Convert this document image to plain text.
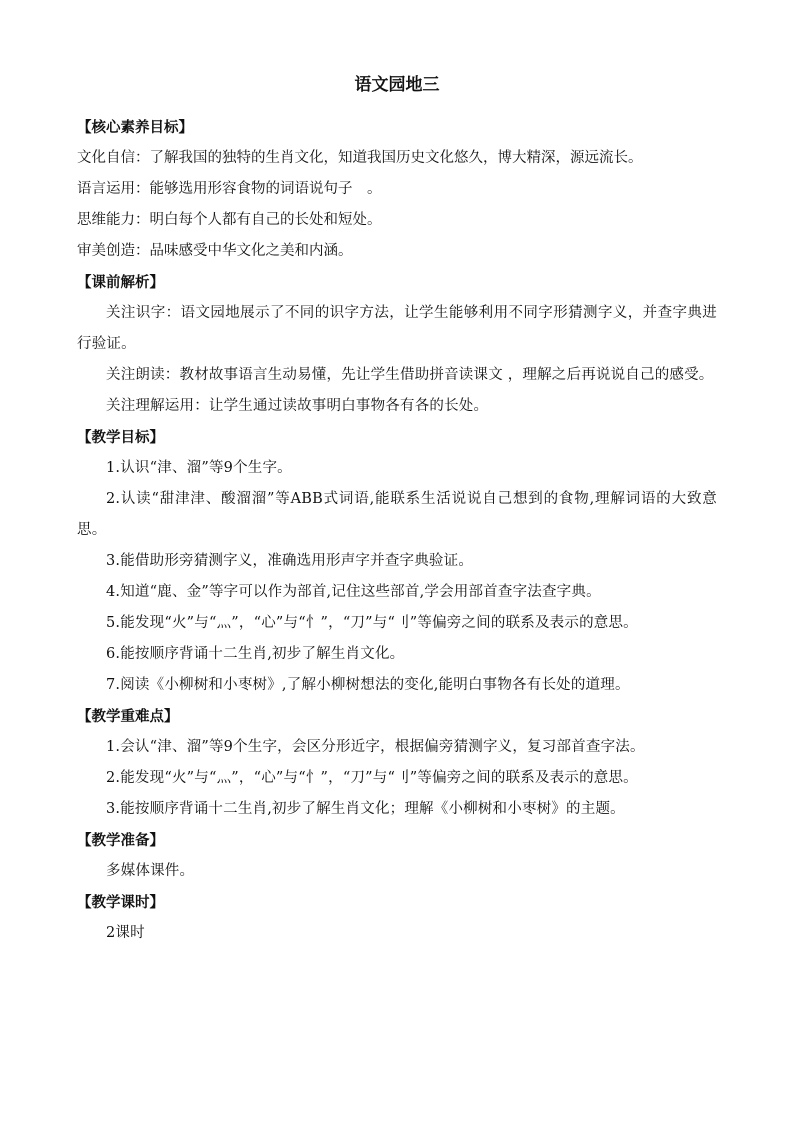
语文园地三
【核心素养目标】
文化自信：了解我国的独特的生肖文化，知道我国历史文化悠久，博大精深，源远流长。
语言运用：能够选用形容食物的词语说句子　。
思维能力：明白每个人都有自己的长处和短处。
审美创造：品味感受中华文化之美和内涵。
【课前解析】
关注识字：语文园地展示了不同的识字方法，让学生能够利用不同字形猜测字义，并查字典进行验证。
关注朗读：教材故事语言生动易懂，先让学生借助拼音读课文 ，理解之后再说说自己的感受。
关注理解运用：让学生通过读故事明白事物各有各的长处。
【教学目标】
1.认识“津、溜”等9个生字。
2.认读“甜津津、酸溜溜”等ABB式词语,能联系生活说说自己想到的食物,理解词语的大致意思。
3.能借助形旁猜测字义，准确选用形声字并查字典验证。
4.知道“鹿、金”等字可以作为部首,记住这些部首,学会用部首查字法查字典。
5.能发现“火”与“灬”，“心”与“忄”，“刀”与“刂”等偏旁之间的联系及表示的意思。
6.能按顺序背诵十二生肖,初步了解生肖文化。
7.阅读《小柳树和小枣树》,了解小柳树想法的变化,能明白事物各有长处的道理。
【教学重难点】
1.会认“津、溜”等9个生字，会区分形近字，根据偏旁猜测字义，复习部首查字法。
2.能发现“火”与“灬”，“心”与“忄”，“刀”与“刂”等偏旁之间的联系及表示的意思。
3.能按顺序背诵十二生肖,初步了解生肖文化；理解《小柳树和小枣树》的主题。
【教学准备】
多媒体课件。
【教学课时】
2课时
